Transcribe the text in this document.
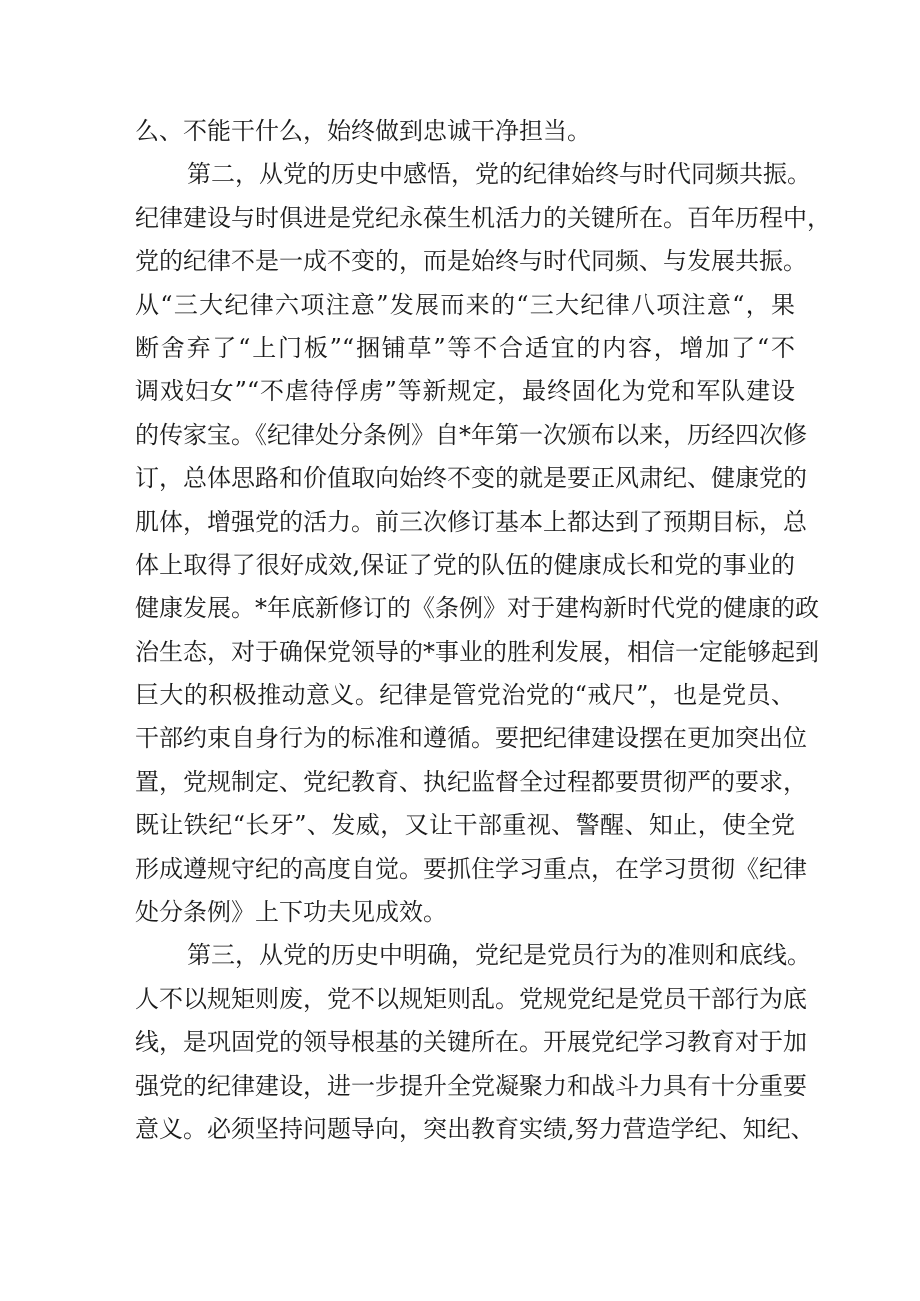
么、不能干什么，始终做到忠诚干净担当。
第二，从党的历史中感悟，党的纪律始终与时代同频共振。
纪律建设与时俱进是党纪永葆生机活力的关键所在。百年历程中，
党的纪律不是一成不变的，而是始终与时代同频、与发展共振。
从“三大纪律六项注意”发展而来的“三大纪律八项注意“，果
断舍弃了“上门板”“捆铺草”等不合适宜的内容，增加了“不
调戏妇女”“不虐待俘虏”等新规定，最终固化为党和军队建设
的传家宝。《纪律处分条例》自*年第一次颁布以来，历经四次修
订，总体思路和价值取向始终不变的就是要正风肃纪、健康党的
肌体，增强党的活力。前三次修订基本上都达到了预期目标，总
体上取得了很好成效,保证了党的队伍的健康成长和党的事业的
健康发展。*年底新修订的《条例》对于建构新时代党的健康的政
治生态，对于确保党领导的*事业的胜利发展，相信一定能够起到
巨大的积极推动意义。纪律是管党治党的“戒尺”，也是党员、
干部约束自身行为的标准和遵循。要把纪律建设摆在更加突出位
置，党规制定、党纪教育、执纪监督全过程都要贯彻严的要求，
既让铁纪“长牙”、发威，又让干部重视、警醒、知止，使全党
形成遵规守纪的高度自觉。要抓住学习重点，在学习贯彻《纪律
处分条例》上下功夫见成效。
第三，从党的历史中明确，党纪是党员行为的准则和底线。
人不以规矩则废，党不以规矩则乱。党规党纪是党员干部行为底
线，是巩固党的领导根基的关键所在。开展党纪学习教育对于加
强党的纪律建设，进一步提升全党凝聚力和战斗力具有十分重要
意义。必须坚持问题导向，突出教育实绩,努力营造学纪、知纪、
